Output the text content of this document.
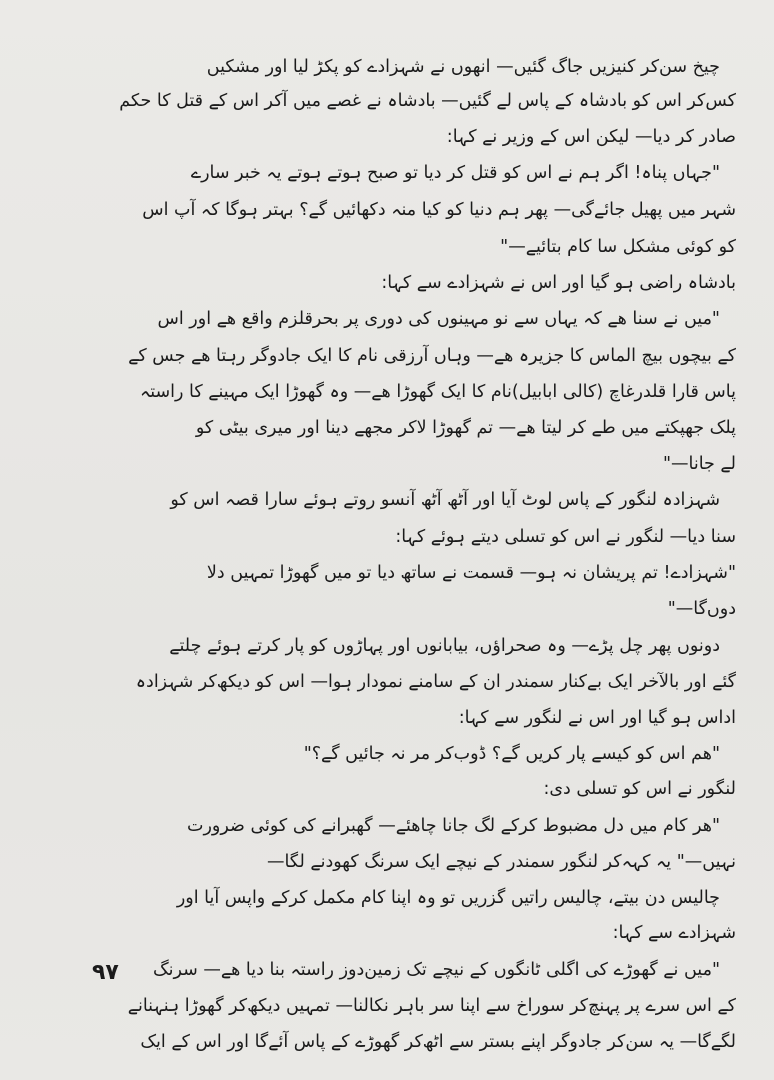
چیخ سن‌کر کنیزیں جاگ گئیں— انھوں نے شہزادے کو پکڑ لیا اور مشکیں
کس‌کر اس کو بادشاہ کے پاس لے گئیں— بادشاہ نے غصے میں آکر اس کے قتل کا حکم
صادر کر دیا— لیکن اس کے وزیر نے کہا:
"جہاں پناہ! اگر ہم نے اس کو قتل کر دیا تو صبح ہوتے ہوتے یہ خبر سارے
شہر میں پھیل جائےگی— پھر ہم دنیا کو کیا منہ دکھائیں گے؟ بہتر ہوگا کہ آپ اس
کو کوئی مشکل سا کام بتائیے—"
بادشاہ راضی ہو گیا اور اس نے شہزادے سے کہا:
"میں نے سنا ھے کہ یہاں سے نو مہینوں کی دوری پر بحرقلزم واقع ھے اور اس
کے بیچوں بیچ الماس کا جزیرہ ھے— وہاں آرزقی نام کا ایک جادوگر رہتا ھے جس کے
پاس قارا قلدرغاچ (کالی ابابیل)نام کا ایک گھوڑا ھے— وہ گھوڑا ایک مہینے کا راستہ
پلک جھپکتے میں طے کر لیتا ھے— تم گھوڑا لاکر مجھے دینا اور میری بیٹی کو
لے جانا—"
شہزادہ لنگور کے پاس لوٹ آیا اور آٹھ آٹھ آنسو روتے ہوئے سارا قصہ اس کو
سنا دیا— لنگور نے اس کو تسلی دیتے ہوئے کہا:
"شہزادے! تم پریشان نہ ہو— قسمت نے ساتھ دیا تو میں گھوڑا تمہیں دلا
دوں‌گا—"
دونوں پھر چل پڑے— وہ صحراؤں، بیابانوں اور پہاڑوں کو پار کرتے ہوئے چلتے
گئے اور بالآخر ایک بےکنار سمندر ان کے سامنے نمودار ہوا— اس کو دیکھ‌کر شہزادہ
اداس ہو گیا اور اس نے لنگور سے کہا:
"ھم اس کو کیسے پار کریں گے؟ ڈوب‌کر مر نہ جائیں گے؟"
لنگور نے اس کو تسلی دی:
"ھر کام میں دل مضبوط کرکے لگ جانا چاھئے— گھبرانے کی کوئی ضرورت
نہیں—" یہ کہہ‌کر لنگور سمندر کے نیچے ایک سرنگ کھودنے لگا—
چالیس دن بیتے، چالیس راتیں گزریں تو وہ اپنا کام مکمل کرکے واپس آیا اور
شہزادے سے کہا:
"میں نے گھوڑے کی اگلی ٹانگوں کے نیچے تک زمین‌دوز راستہ بنا دیا ھے— سرنگ
کے اس سرے پر پہنچ‌کر سوراخ سے اپنا سر باہر نکالنا— تمہیں دیکھ‌کر گھوڑا ہنہنانے
لگےگا— یہ سن‌کر جادوگر اپنے بستر سے اٹھ‌کر گھوڑے کے پاس آئےگا اور اس کے ایک
۹۷
